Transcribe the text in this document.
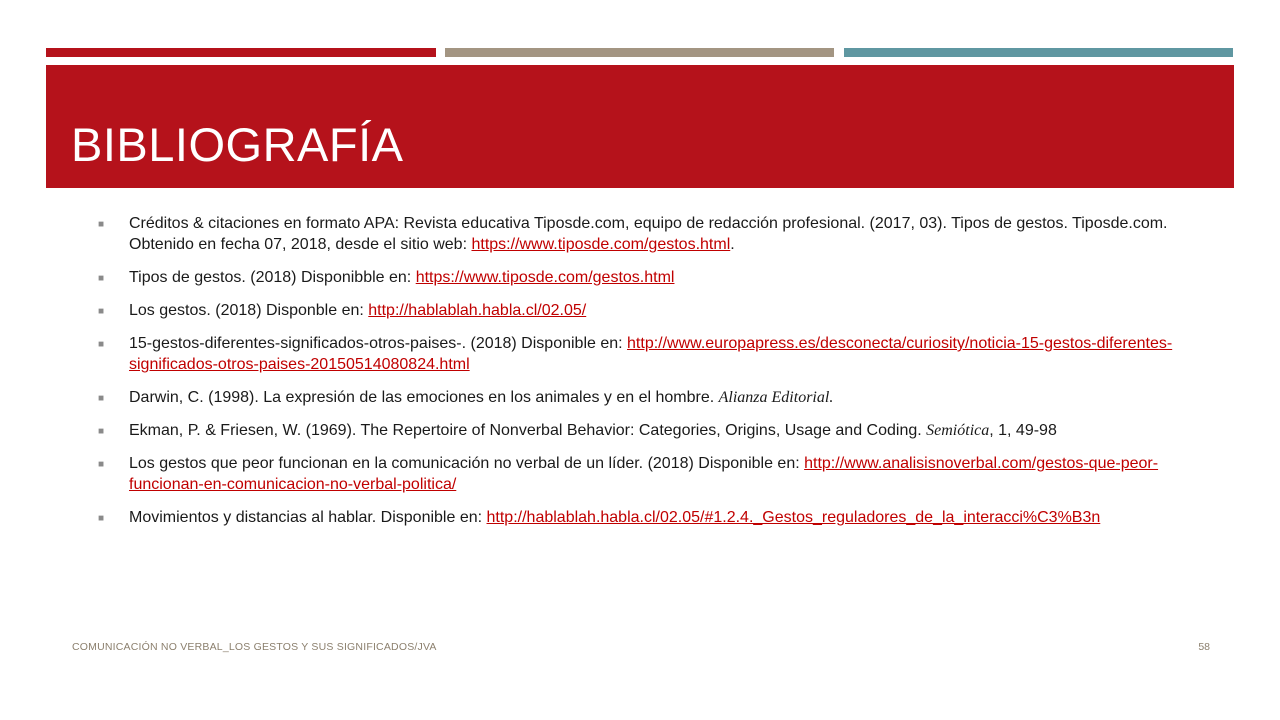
BIBLIOGRAFÍA
■ Créditos & citaciones en formato APA: Revista educativa Tiposde.com, equipo de redacción profesional. (2017, 03). Tipos de gestos. Tiposde.com. Obtenido en fecha 07, 2018, desde el sitio web: https://www.tiposde.com/gestos.html.
■ Tipos de gestos. (2018) Disponibble en: https://www.tiposde.com/gestos.html
■ Los gestos. (2018) Disponble en: http://hablablah.habla.cl/02.05/
■ 15-gestos-diferentes-significados-otros-paises-. (2018) Disponible en: http://www.europapress.es/desconecta/curiosity/noticia-15-gestos-diferentes-significados-otros-paises-20150514080824.html
■ Darwin, C. (1998). La expresión de las emociones en los animales y en el hombre. Alianza Editorial.
■ Ekman, P. & Friesen, W. (1969). The Repertoire of Nonverbal Behavior: Categories, Origins, Usage and Coding. Semiótica, 1, 49-98
■ Los gestos que peor funcionan en la comunicación no verbal de un líder. (2018) Disponible en: http://www.analisisnoverbal.com/gestos-que-peor-funcionan-en-comunicacion-no-verbal-politica/
■ Movimientos y distancias al hablar. Disponible en: http://hablablah.habla.cl/02.05/#1.2.4._Gestos_reguladores_de_la_interacci%C3%B3n
COMUNICACIÓN NO VERBAL_LOS GESTOS Y SUS SIGNIFICADOS/JVA	58
